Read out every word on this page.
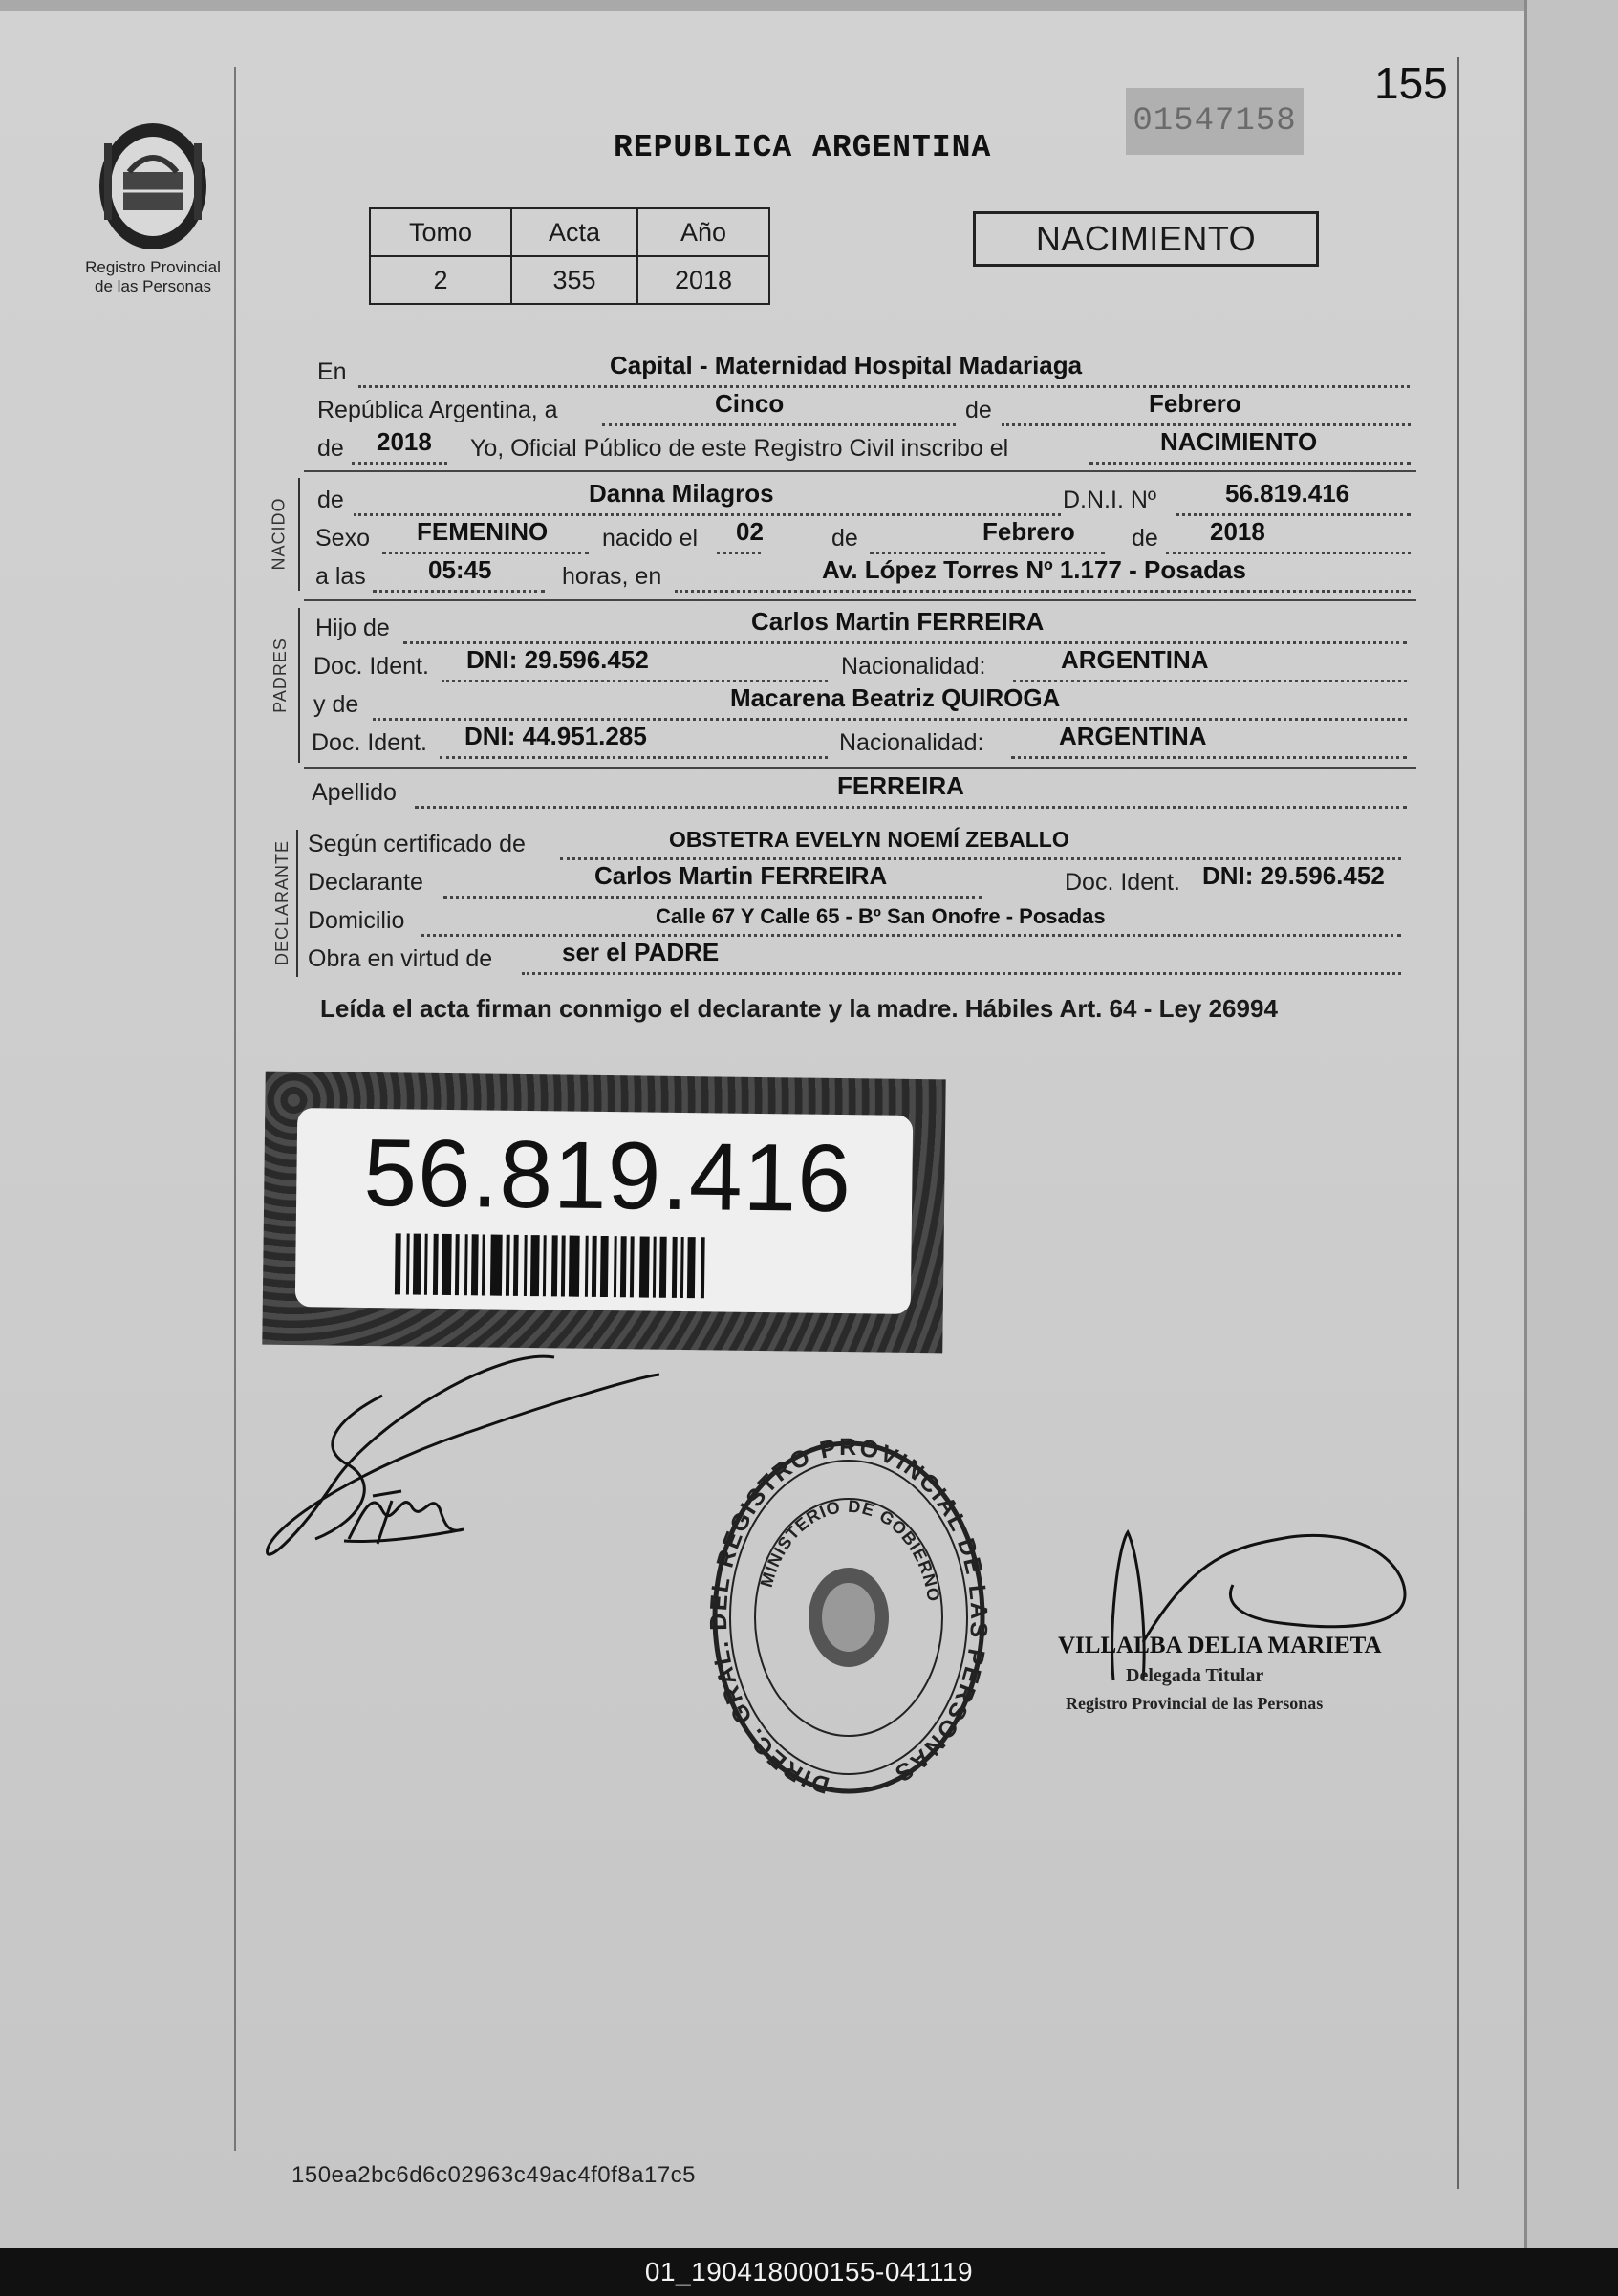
Registro Provincial de las Personas
155
01547158
REPUBLICA ARGENTINA
Tomo	Acta	Año
2	355	2018
NACIMIENTO
En	Capital - Maternidad Hospital Madariaga
República Argentina, a	Cinco	de	Febrero
de 2018 Yo, Oficial Público de este Registro Civil inscribo el	NACIMIENTO
NACIDO de	Danna Milagros	D.N.I. Nº	56.819.416
Sexo FEMENINO nacido el 02	de	Febrero de 2018
a las	05:45	horas, en	Av. López Torres Nº 1.177 - Posadas
PADRES
Hijo de	Carlos Martin FERREIRA
Doc. Ident. DNI: 29.596.452	Nacionalidad:	ARGENTINA
y de	Macarena Beatriz QUIROGA
Doc. Ident. DNI: 44.951.285	Nacionalidad:	ARGENTINA
Apellido	FERREIRA
DECLARANTE Según certificado de	OBSTETRA EVELYN NOEMÍ ZEBALLO
Declarante	Carlos Martin FERREIRA	Doc. Ident. DNI: 29.596.452
Domicilio	Calle 67 Y Calle 65 - Bº San Onofre - Posadas
Obra en virtud de	ser el PADRE
Leída el acta firman conmigo el declarante y la madre. Hábiles Art. 64 - Ley 26994
56.819.416
DIREC. GRAL. DEL REGISTRO PROVINCIAL DE LAS PERSONAS
MINISTERIO DE GOBIERNO
VILLALBA DELIA MARIETA
Delegada Titular
Registro Provincial de las Personas
150ea2bc6d6c02963c49ac4f0f8a17c5
01_190418000155-041119
